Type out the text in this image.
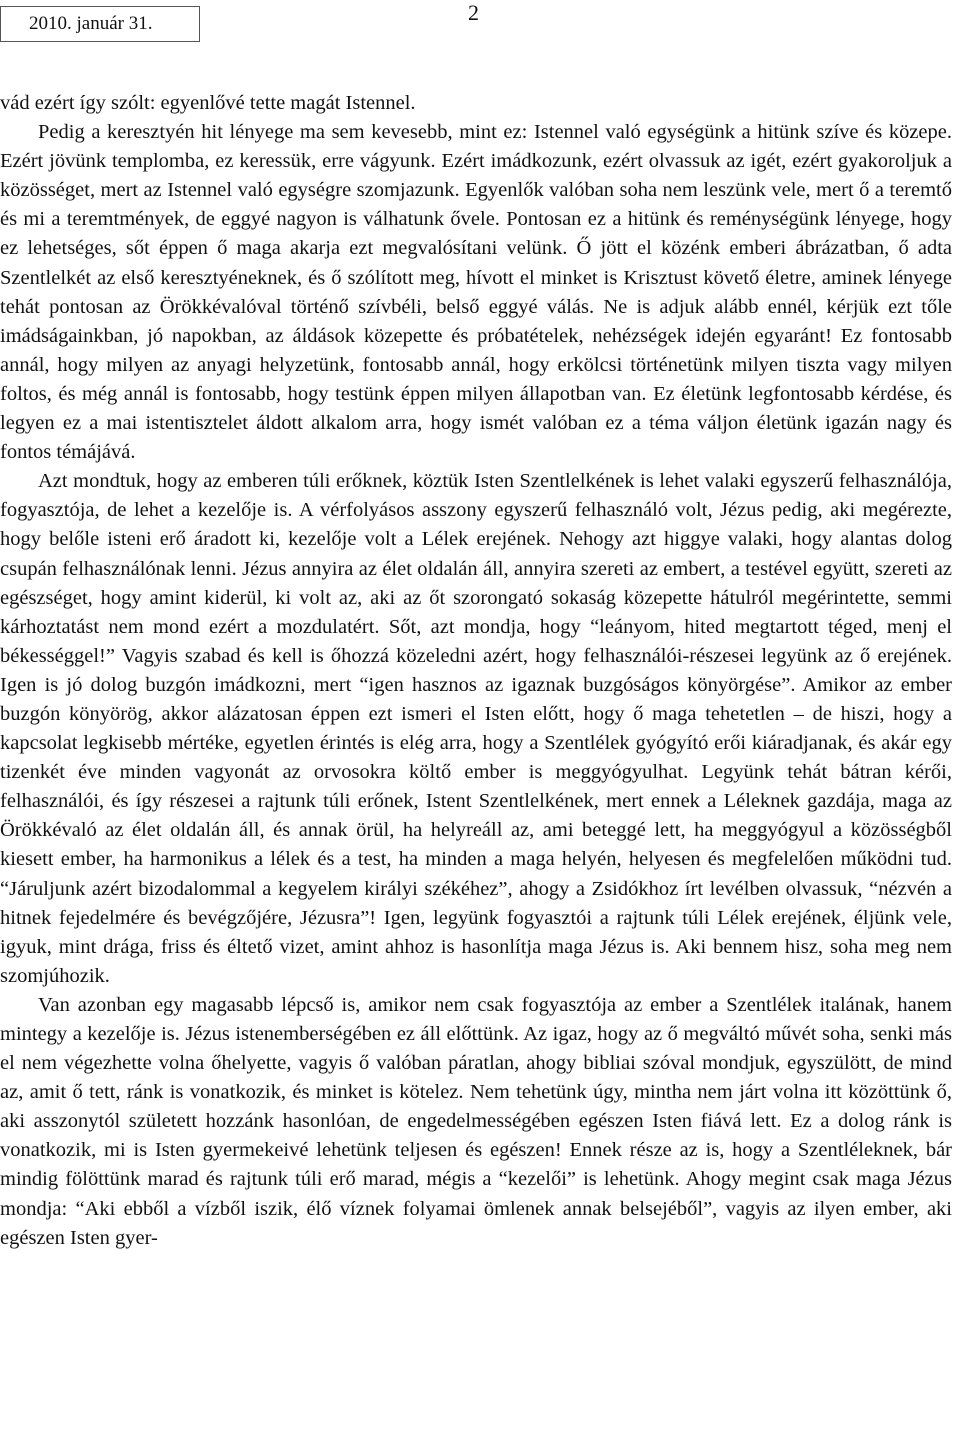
2010. január 31.	2

vád ezért így szólt: egyenlővé tette magát Istennel.

Pedig a keresztyén hit lényege ma sem kevesebb, mint ez: Istennel való egységünk a hitünk szíve és közepe. Ezért jövünk templomba, ez keressük, erre vágyunk. Ezért imádkozunk, ezért olvassuk az igét, ezért gyakoroljuk a közösséget, mert az Istennel való egységre szomjazunk. Egyenlők valóban soha nem leszünk vele, mert ő a teremtő és mi a teremtmények, de eggyé nagyon is válhatunk ővele. Pontosan ez a hitünk és reménységünk lényege, hogy ez lehetséges, sőt éppen ő maga akarja ezt megvalósítani velünk. Ő jött el közénk emberi ábrázatban, ő adta Szentlelkét az első keresztyéneknek, és ő szólított meg, hívott el minket is Krisztust követő életre, aminek lényege tehát pontosan az Örökkévalóval történő szívbéli, belső eggyé válás. Ne is adjuk alább ennél, kérjük ezt tőle imádságainkban, jó napokban, az áldások közepette és próbatételek, nehézségek idején egyaránt! Ez fontosabb annál, hogy milyen az anyagi helyzetünk, fontosabb annál, hogy erkölcsi történetünk milyen tiszta vagy milyen foltos, és még annál is fontosabb, hogy testünk éppen milyen állapotban van. Ez életünk legfontosabb kérdése, és legyen ez a mai istentisztelet áldott alkalom arra, hogy ismét valóban ez a téma váljon életünk igazán nagy és fontos témájává.

Azt mondtuk, hogy az emberen túli erőknek, köztük Isten Szentlelkének is lehet valaki egyszerű felhasználója, fogyasztója, de lehet a kezelője is. A vérfolyásos asszony egyszerű felhasználó volt, Jézus pedig, aki megérezte, hogy belőle isteni erő áradott ki, kezelője volt a Lélek erejének. Nehogy azt higgye valaki, hogy alantas dolog csupán felhasználónak lenni. Jézus annyira az élet oldalán áll, annyira szereti az embert, a testével együtt, szereti az egészséget, hogy amint kiderül, ki volt az, aki az őt szorongató sokaság közepette hátulról megérintette, semmi kárhoztatást nem mond ezért a mozdulatért. Sőt, azt mondja, hogy “leányom, hited megtartott téged, menj el békességgel!” Vagyis szabad és kell is őhozzá közeledni azért, hogy felhasználói-részesei legyünk az ő erejének. Igen is jó dolog buzgón imádkozni, mert “igen hasznos az igaznak buzgóságos könyörgése”. Amikor az ember buzgón könyörög, akkor alázatosan éppen ezt ismeri el Isten előtt, hogy ő maga tehetetlen – de hiszi, hogy a kapcsolat legkisebb mértéke, egyetlen érintés is elég arra, hogy a Szentlélek gyógyító erői kiáradjanak, és akár egy tizenkét éve minden vagyonát az orvosokra költő ember is meggyógyulhat. Legyünk tehát bátran kérői, felhasználói, és így részesei a rajtunk túli erőnek, Istent Szentlelkének, mert ennek a Léleknek gazdája, maga az Örökkévaló az élet oldalán áll, és annak örül, ha helyreáll az, ami beteggé lett, ha meggyógyul a közösségből kiesett ember, ha harmonikus a lélek és a test, ha minden a maga helyén, helyesen és megfelelően működni tud. “Járuljunk azért bizodalommal a kegyelem királyi székéhez”, ahogy a Zsidókhoz írt levélben olvassuk, “nézvén a hitnek fejedelmére és bevégzőjére, Jézusra”! Igen, legyünk fogyasztói a rajtunk túli Lélek erejének, éljünk vele, igyuk, mint drága, friss és éltető vizet, amint ahhoz is hasonlítja maga Jézus is. Aki bennem hisz, soha meg nem szomjúhozik.

Van azonban egy magasabb lépcső is, amikor nem csak fogyasztója az ember a Szentlélek italának, hanem mintegy a kezelője is. Jézus istenemberségében ez áll előttünk. Az igaz, hogy az ő megváltó művét soha, senki más el nem végezhette volna őhelyette, vagyis ő valóban páratlan, ahogy bibliai szóval mondjuk, egyszülött, de mind az, amit ő tett, ránk is vonatkozik, és minket is kötelez. Nem tehetünk úgy, mintha nem járt volna itt közöttünk ő, aki asszonytól született hozzánk hasonlóan, de engedelmességében egészen Isten fiává lett. Ez a dolog ránk is vonatkozik, mi is Isten gyermekeivé lehetünk teljesen és egészen! Ennek része az is, hogy a Szentléleknek, bár mindig fölöttünk marad és rajtunk túli erő marad, mégis a “kezelői” is lehetünk. Ahogy megint csak maga Jézus mondja: “Aki ebből a vízből iszik, élő víznek folyamai ömlenek annak belsejéből”, vagyis az ilyen ember, aki egészen Isten gyer-
